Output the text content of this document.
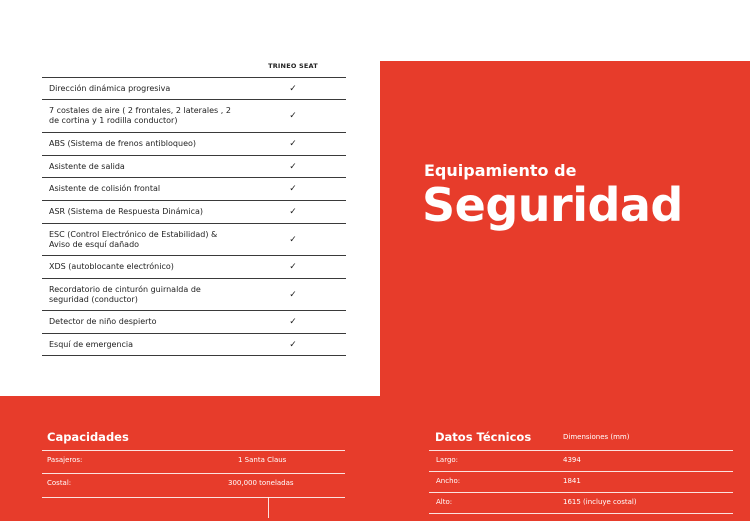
TRINEO SEAT
Dirección dinámica progresiva	✓
7 costales de aire ( 2 frontales, 2 laterales , 2 de cortina y 1 rodilla conductor)	✓
ABS (Sistema de frenos antibloqueo)	✓
Asistente de salida	✓
Asistente de colisión frontal	✓
ASR (Sistema de Respuesta Dinámica)	✓
ESC (Control Electrónico de Estabilidad) & Aviso de esquí dañado	✓
XDS (autoblocante electrónico)	✓
Recordatorio de cinturón guirnalda de seguridad (conductor)	✓
Detector de niño despierto	✓
Esquí de emergencia	✓
Equipamiento de
Seguridad
Capacidades
Pasajeros:	1 Santa Claus
Costal:	300,000 toneladas
Datos Técnicos	Dimensiones (mm)
Largo:	4394
Ancho:	1841
Alto:	1615 (incluye costal)
